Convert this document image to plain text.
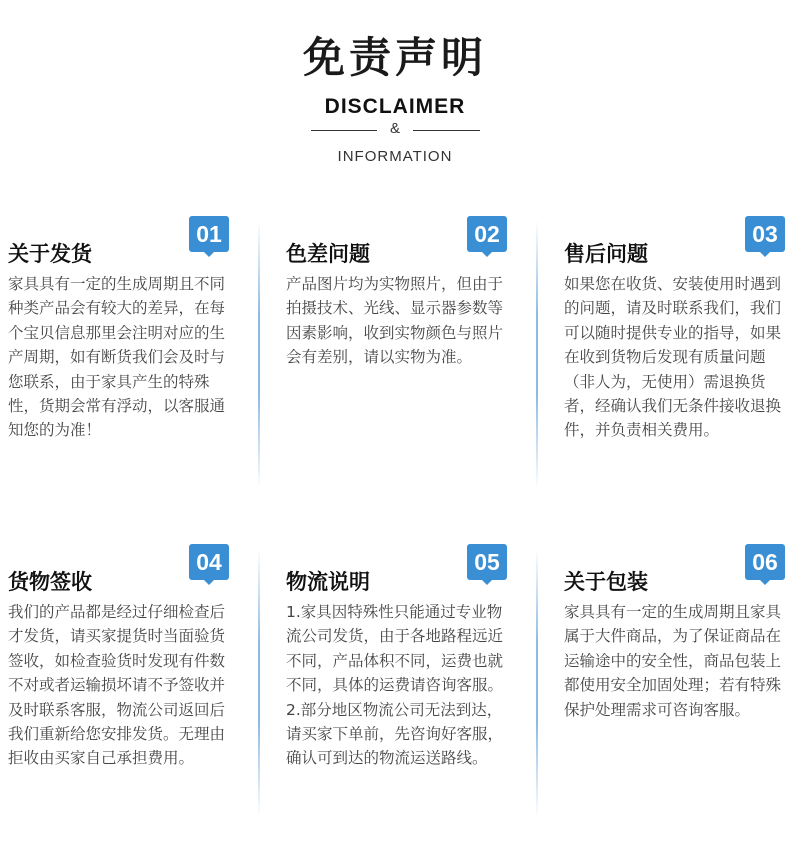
免责声明
DISCLAIMER
&
INFORMATION
关于发货
01

家具具有一定的生成周期且不同种类产品会有较大的差异，在每个宝贝信息那里会注明对应的生产周期，如有断货我们会及时与您联系，由于家具产生的特殊性，货期会常有浮动，以客服通知您的为准！

色差问题
02

产品图片均为实物照片，但由于拍摄技术、光线、显示器参数等因素影响，收到实物颜色与照片会有差别，请以实物为准。

售后问题
03

如果您在收货、安装使用时遇到的问题，请及时联系我们，我们可以随时提供专业的指导，如果在收到货物后发现有质量问题（非人为，无使用）需退换货者，经确认我们无条件接收退换件，并负责相关费用。

货物签收
04

我们的产品都是经过仔细检查后才发货，请买家提货时当面验货签收，如检查验货时发现有件数不对或者运输损坏请不予签收并及时联系客服，物流公司返回后我们重新给您安排发货。无理由拒收由买家自己承担费用。

物流说明
05

1.家具因特殊性只能通过专业物流公司发货，由于各地路程远近不同，产品体积不同，运费也就不同，具体的运费请咨询客服。

2.部分地区物流公司无法到达，请买家下单前，先咨询好客服，确认可到达的物流运送路线。

关于包装
06

家具具有一定的生成周期且家具属于大件商品，为了保证商品在运输途中的安全性，商品包装上都使用安全加固处理；若有特殊保护处理需求可咨询客服。
